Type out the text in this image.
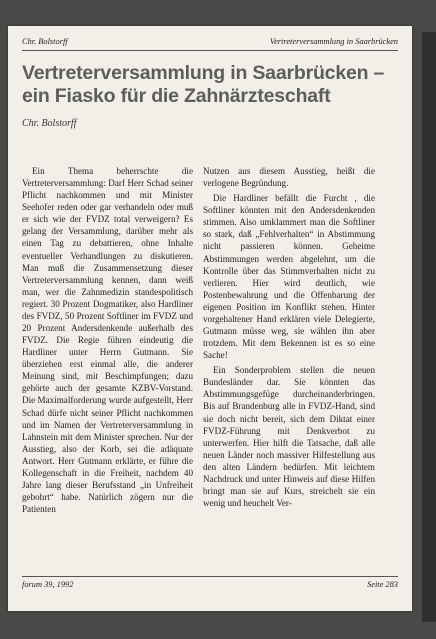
Chr. Bolstorff	Vertreterversammlung in Saarbrücken
Vertreterversammlung in Saarbrücken – ein Fiasko für die Zahnärzteschaft
Chr. Bolstorff

Ein Thema beherrschte die Vertreterversammlung: Darf Herr Schad seiner Pflicht nachkommen und mit Minister Seehofer reden oder gar verhandeln oder muß er sich wie der FVDZ total verweigern? Es gelang der Versammlung, darüber mehr als einen Tag zu debattieren, ohne Inhalte eventueller Verhandlungen zu diskutieren. Man muß die Zusammensetzung dieser Vertreterversammlung kennen, dann weiß man, wer die Zahnmedizin standespolitisch regiert. 30 Prozent Dogmatiker, also Hardliner des FVDZ, 50 Prozent Softliner im FVDZ und 20 Prozent Andersdenkende außerhalb des FVDZ. Die Regie führen eindeutig die Hardliner unter Herrn Gutmann. Sie überziehen erst einmal alle, die anderer Meinung sind, mit Beschimpfungen; dazu gehörte auch der gesamte KZBV-Vorstand. Die Maximalforderung wurde aufgestellt, Herr Schad dürfe nicht seiner Pflicht nachkommen und im Namen der Vertreterversammlung in Lahnstein mit dem Minister sprechen. Nur der Ausstieg, also der Korb, sei die adäquate Antwort. Herr Gutmann erklärte, er führe die Kollegenschaft in die Freiheit, nachdem 40 Jahre lang dieser Berufsstand „in Unfreiheit gebohrt“ habe. Natürlich zögern nur die Patienten

Nutzen aus diesem Ausstieg, heißt die verlogene Begründung.

Die Hardliner befällt die Furcht , die Softliner könnten mit den Andersdenkenden stimmen. Also umklammert man die Softliner so stark, daß „Fehlverhalten“ in Abstimmung nicht passieren können. Geheime Abstimmungen werden abgelehnt, um die Kontrolle über das Stimmverhalten nicht zu verlieren. Hier wird deutlich, wie Postenbewahrung und die Offenbarung der eigenen Position im Konflikt stehen. Hinter vorgehaltener Hand erklären viele Delegierte, Gutmann müsse weg, sie wählen ihn aber trotzdem. Mit dem Bekennen ist es so eine Sache!

Ein Sonderproblem stellen die neuen Bundesländer dar. Sie könnten das Abstimmungsgefüge durcheinanderbringen. Bis auf Brandenburg alle in FVDZ-Hand, sind sie doch nicht bereit, sich dem Diktat einer FVDZ-Führung mit Denkverbot zu unterwerfen. Hier hilft die Tatsache, daß alle neuen Länder noch massiver Hilfestellung aus den alten Ländern bedürfen. Mit leichtem Nachdruck und unter Hinweis auf diese Hilfen bringt man sie auf Kurs, streichelt sie ein wenig und heuchelt Ver-

forum 39, 1992	Seite 283
